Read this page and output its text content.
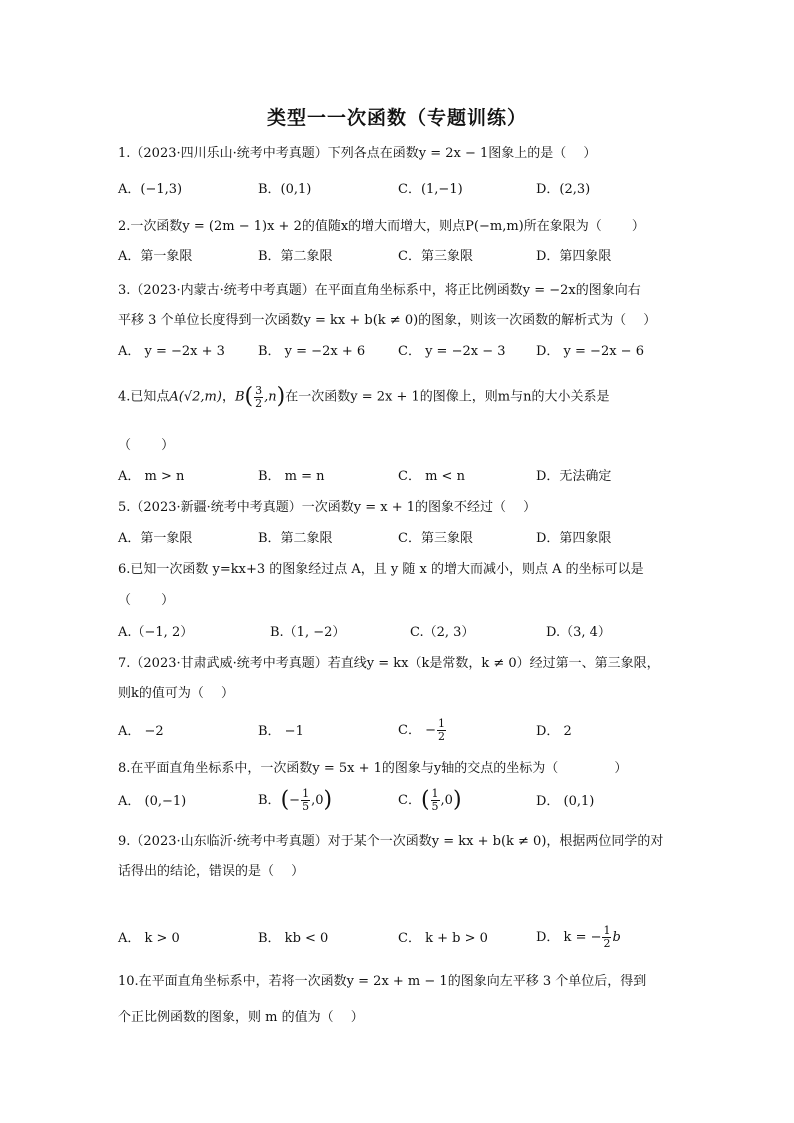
类型一一次函数（专题训练）
1.（2023·四川乐山·统考中考真题）下列各点在函数y = 2x − 1图象上的是（　 ）
A．(−1,3)	B．(0,1)	C．(1,−1)	D．(2,3)
2.一次函数y = (2m − 1)x + 2的值随x的增大而增大，则点P(−m,m)所在象限为（　　 ）
A．第一象限	B．第二象限	C．第三象限	D．第四象限
3.（2023·内蒙古·统考中考真题）在平面直角坐标系中，将正比例函数y = −2x的图象向右
平移 3 个单位长度得到一次函数y = kx + b(k ≠ 0)的图象，则该一次函数的解析式为（　 ）
A． y = −2x + 3	B． y = −2x + 6	C． y = −2x − 3 D． y = −2x − 6
4.已知点A(√2,m)，$B( \frac{3}{2} ,n)$在一次函数y = 2x + 1的图像上，则m与n的大小关系是
（　　 ）
A． m > n	B． m = n	C． m < n	D．无法确定
5.（2023·新疆·统考中考真题）一次函数y = x + 1的图象不经过（　 ）
A．第一象限	B．第二象限	C．第三象限	D．第四象限
6.已知一次函数 y=kx+3 的图象经过点 A，且 y 随 x 的增大而减小，则点 A 的坐标可以是
（　　 ）
A.（−1, 2）	B.（1, −2）	C.（2, 3）	D.（3, 4）
7.（2023·甘肃武威·统考中考真题）若直线y = kx（k是常数，k ≠ 0）经过第一、第三象限，
则k的值可为（　 ）
A． −2	B． −1	C． − $\frac{1}{2}$	D． 2
8.在平面直角坐标系中，一次函数y = 5x + 1的图象与y轴的交点的坐标为（　　　　 ）
A． (0,−1)	B．(− $\frac{1}{5} ,0$)	C．( $\frac{1}{5} ,0$)	D． (0,1)
9.（2023·山东临沂·统考中考真题）对于某个一次函数y = kx + b(k ≠ 0)，根据两位同学的对
话得出的结论，错误的是（　 ）
A． k > 0	B． kb < 0	C． k + b > 0	D． k = − $\frac{1}{2}$ b
10.在平面直角坐标系中，若将一次函数y = 2x + m − 1的图象向左平移 3 个单位后，得到
个正比例函数的图象，则 m 的值为（　 ）
